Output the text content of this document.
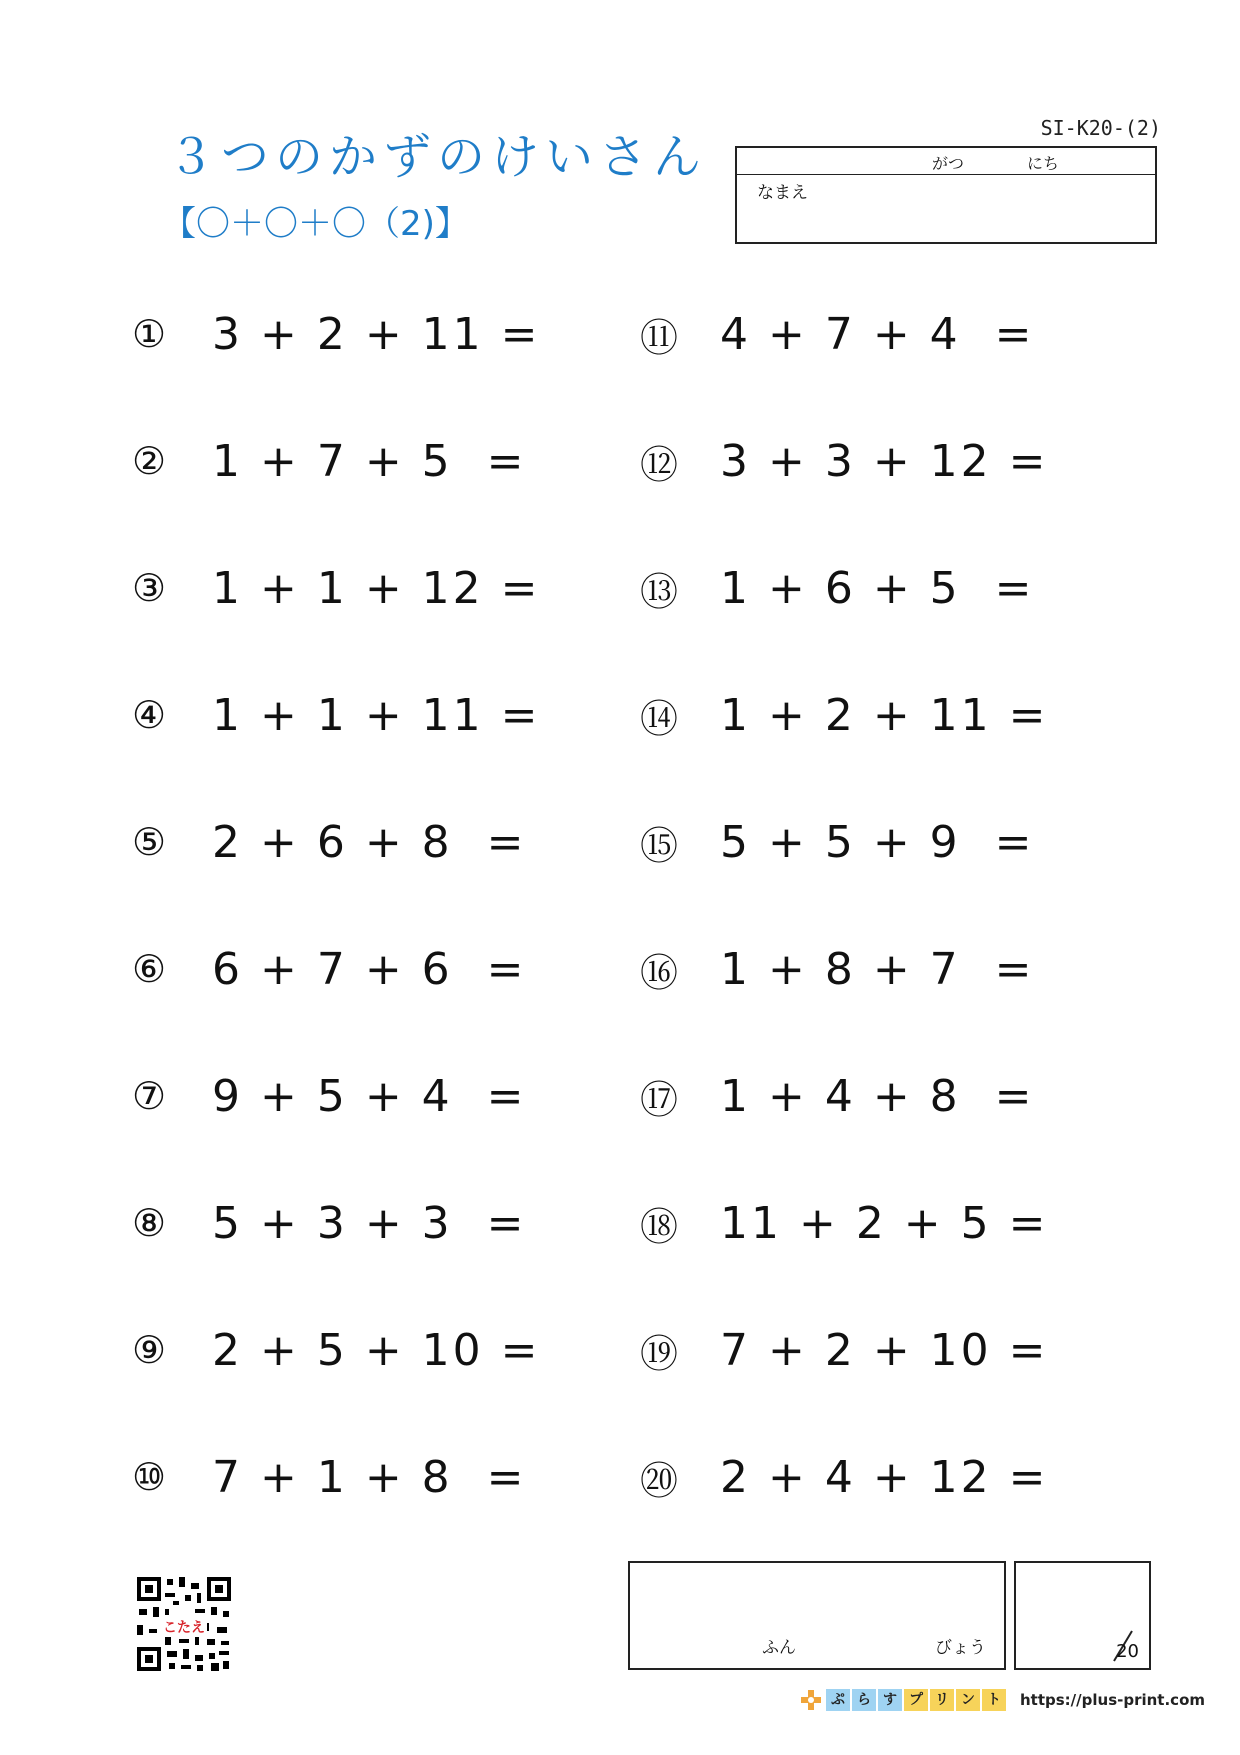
３つのかずのけいさん
【〇＋〇＋〇（2)】
SI-K20-(2)
がつ	にち
なまえ
①	3 + 2 + 11 =
②	1 + 7 + 5  =
③	1 + 1 + 12 =
④	1 + 1 + 11 =
⑤	2 + 6 + 8  =
⑥	6 + 7 + 6  =
⑦	9 + 5 + 4  =
⑧	5 + 3 + 3  =
⑨	2 + 5 + 10 =
⑩	7 + 1 + 8  =
⑪ 4 + 7 + 4  =
⑫ 3 + 3 + 12 =
⑬ 1 + 6 + 5  =
⑭ 1 + 2 + 11 =
⑮ 5 + 5 + 9  =
⑯ 1 + 8 + 7  =
⑰ 1 + 4 + 8  =
⑱ 11 + 2 + 5 =
⑲ 7 + 2 + 10 =
⑳ 2 + 4 + 12 =
こたえ
ふん	びょう	20
ぷ ら す プ リ ン ト	https://plus-print.com
